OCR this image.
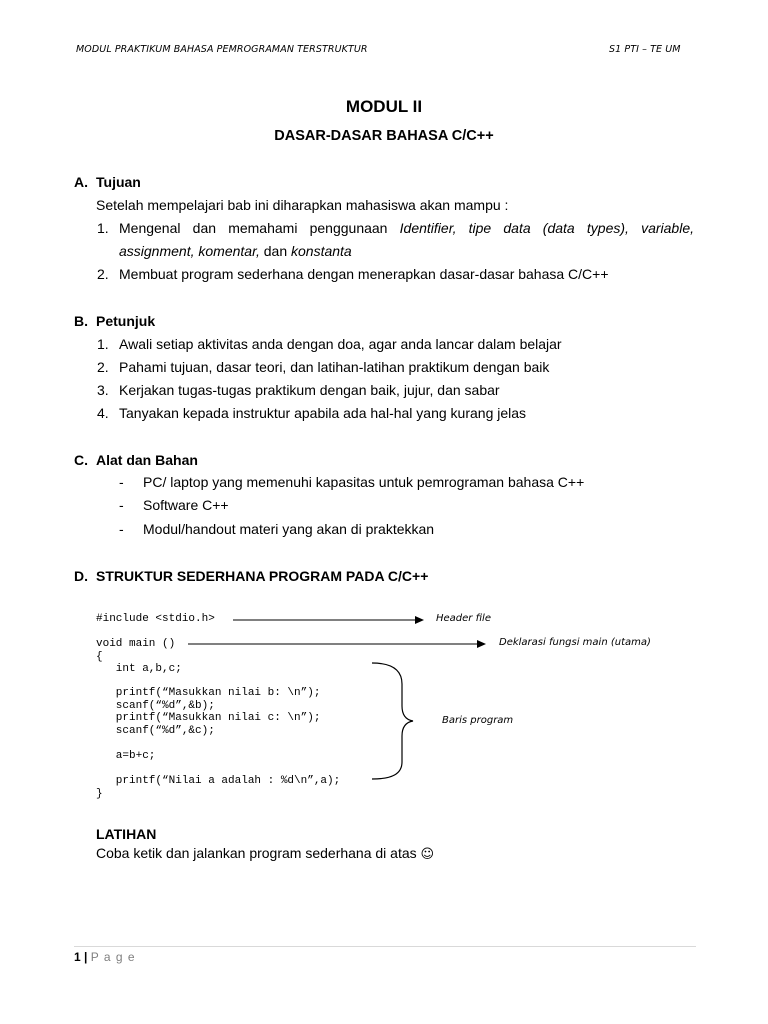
MODUL PRAKTIKUM BAHASA PEMROGRAMAN TERSTRUKTUR	S1 PTI – TE UM
MODUL II
DASAR-DASAR BAHASA C/C++
A. Tujuan
Setelah mempelajari bab ini diharapkan mahasiswa akan mampu :
1. Mengenal dan memahami penggunaan Identifier, tipe data (data types), variable, assignment, komentar, dan konstanta
2. Membuat program sederhana dengan menerapkan dasar-dasar bahasa C/C++
B. Petunjuk
1. Awali setiap aktivitas anda dengan doa, agar anda lancar dalam belajar
2. Pahami tujuan, dasar teori, dan latihan-latihan praktikum dengan baik
3. Kerjakan tugas-tugas praktikum dengan baik, jujur, dan sabar
4. Tanyakan kepada instruktur apabila ada hal-hal yang kurang jelas
C. Alat dan Bahan
- PC/ laptop yang memenuhi kapasitas untuk pemrograman bahasa C++
- Software C++
- Modul/handout materi yang akan di praktekkan
D. STRUKTUR SEDERHANA PROGRAM PADA C/C++
#include <stdio.h>
void main ()
{
int a,b,c;
printf(“Masukkan nilai b: \n”);
scanf(“%d”,&b);
printf(“Masukkan nilai c: \n”);
scanf(“%d”,&c);
a=b+c;
printf(“Nilai a adalah : %d\n”,a);
}
Header file
Deklarasi fungsi main (utama)
Baris program
LATIHAN
Coba ketik dan jalankan program sederhana di atas ☺
1 | P a g e
